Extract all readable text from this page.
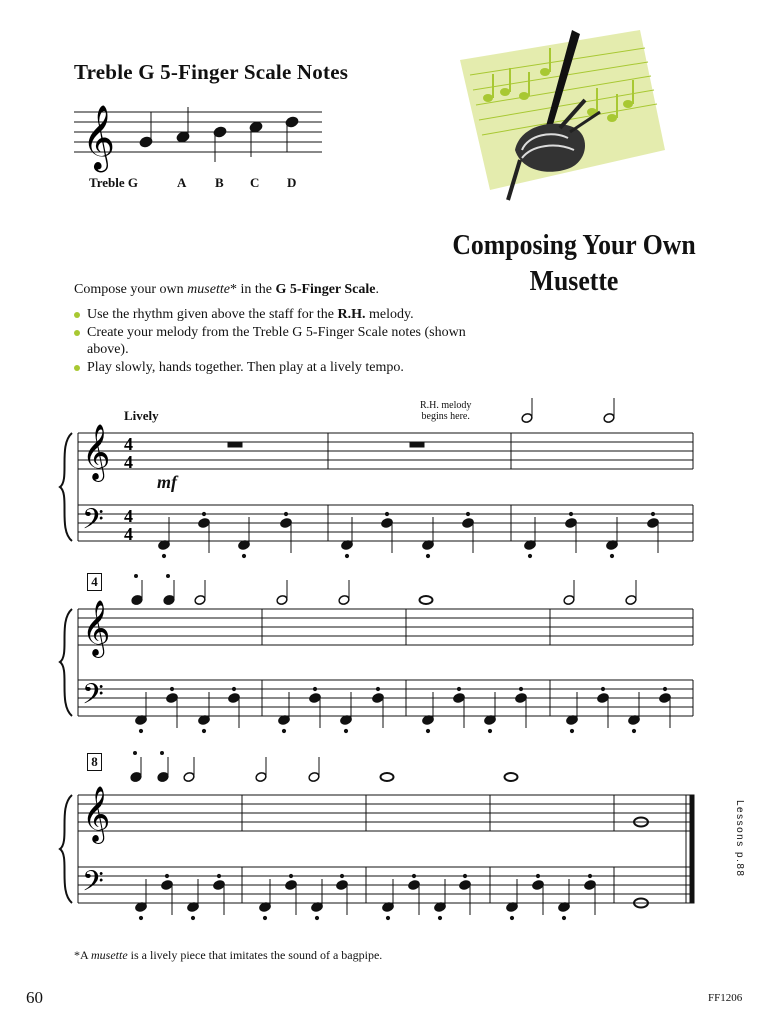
Treble G 5-Finger Scale Notes
𝄞
𝄞
𝄢
4
4
4
4
𝄞
𝄢
𝄞
𝄢
Treble G	A B C D
Composing Your Own
Musette
Compose your own musette* in the G 5-Finger Scale.
Use the rhythm given above the staff for the R.H. melody.
Create your melody from the Treble G 5-Finger Scale notes (shown above).
Play slowly, hands together. Then play at a lively tempo.
Lively
mf
R.H. melody
begins here.
4
8
*A musette is a lively piece that imitates the sound of a bagpipe.
60	FF1206
Lessons p.88
